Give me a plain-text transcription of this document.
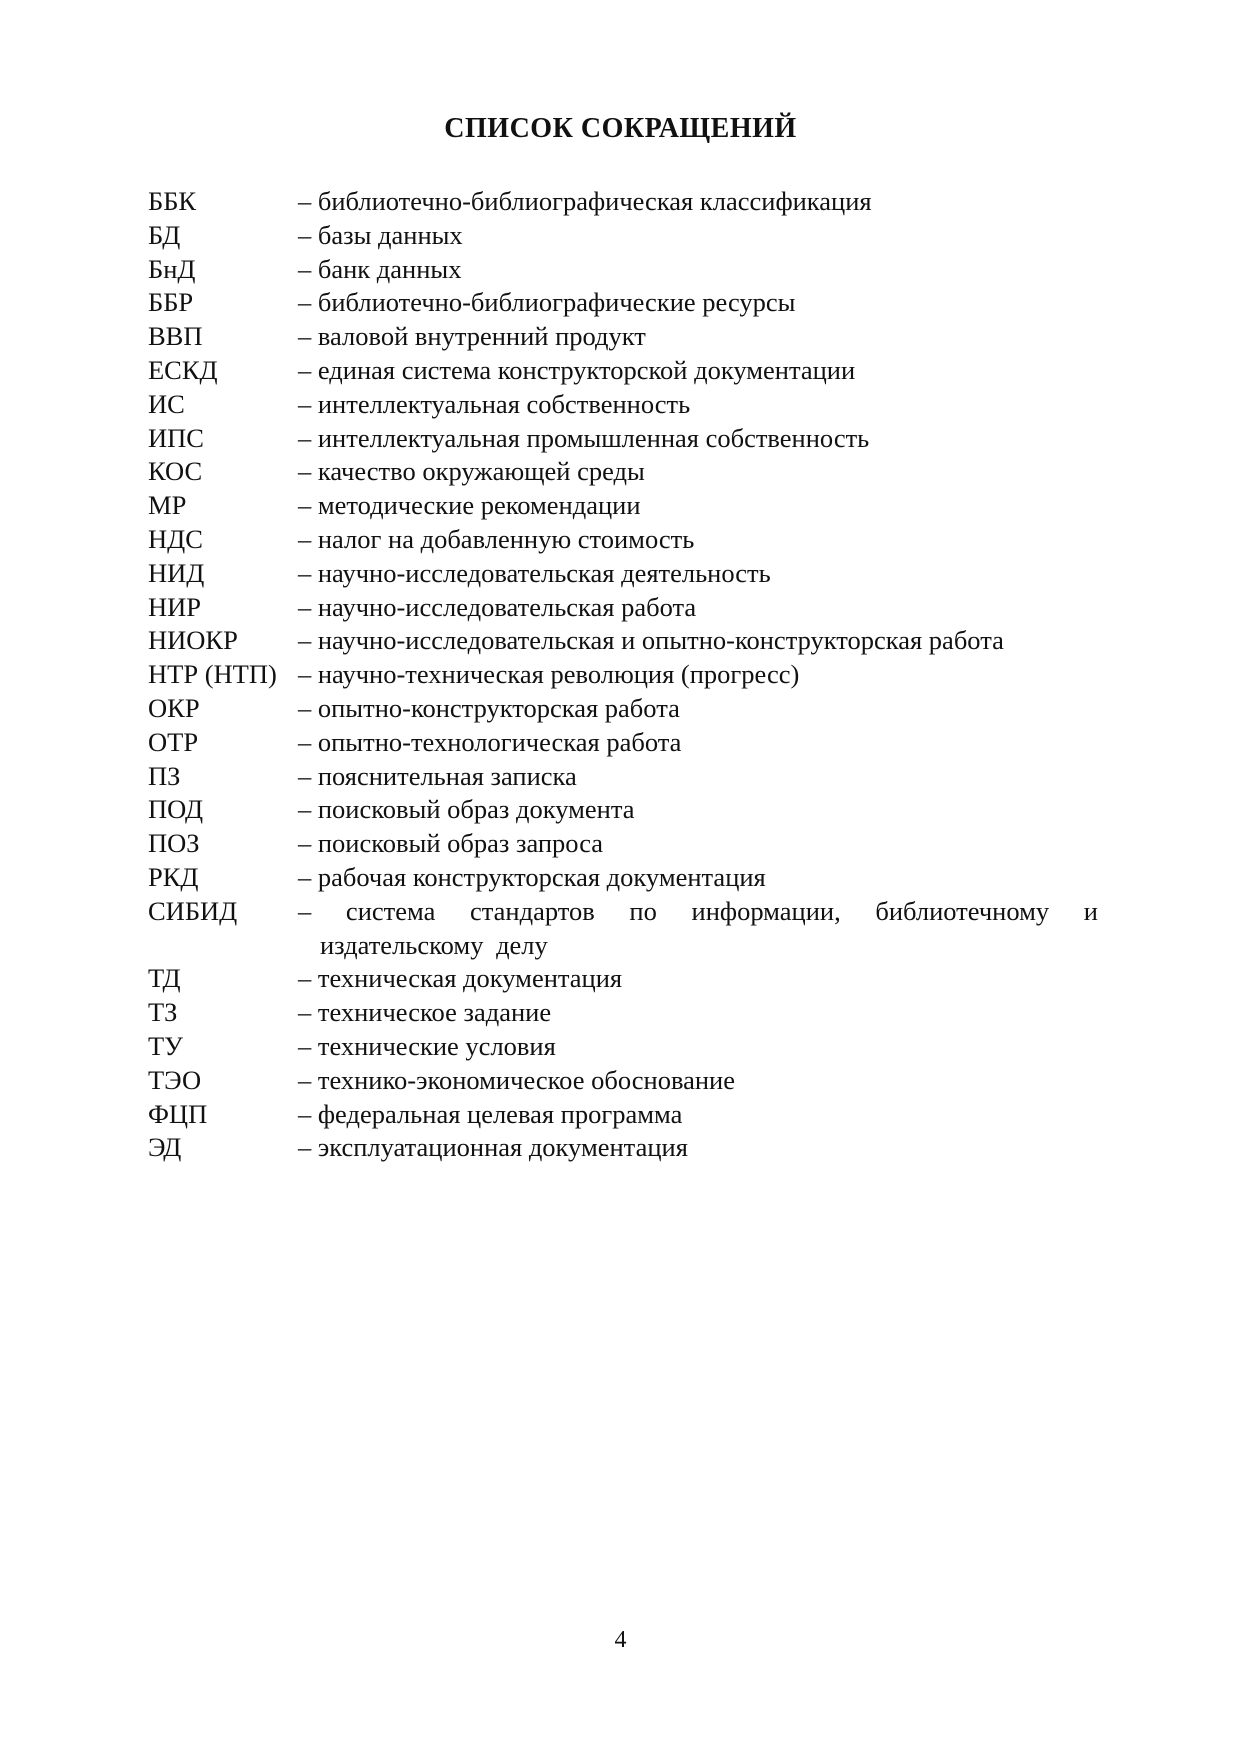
СПИСОК СОКРАЩЕНИЙ
ББК	– библиотечно-библиографическая классификация
БД	– базы данных
БнД	– банк данных
ББР	– библиотечно-библиографические ресурсы
ВВП	– валовой внутренний продукт
ЕСКД	– единая система конструкторской документации
ИС	– интеллектуальная собственность
ИПС	– интеллектуальная промышленная собственность
КОС	– качество окружающей среды
МР	– методические рекомендации
НДС	– налог на добавленную стоимость
НИД	– научно-исследовательская деятельность
НИР	– научно-исследовательская работа
НИОКР	– научно-исследовательская и опытно-конструкторская работа
НТР (НТП) – научно-техническая революция (прогресс)
ОКР	– опытно-конструкторская работа
ОТР	– опытно-технологическая работа
ПЗ	– пояснительная записка
ПОД	– поисковый образ документа
ПОЗ	– поисковый образ запроса
РКД	– рабочая конструкторская документация
СИБИД	– система стандартов по информации, библиотечному и издательскому делу
ТД	– техническая документация
ТЗ	– техническое задание
ТУ	– технические условия
ТЭО	– технико-экономическое обоснование
ФЦП	– федеральная целевая программа
ЭД	– эксплуатационная документация
4
